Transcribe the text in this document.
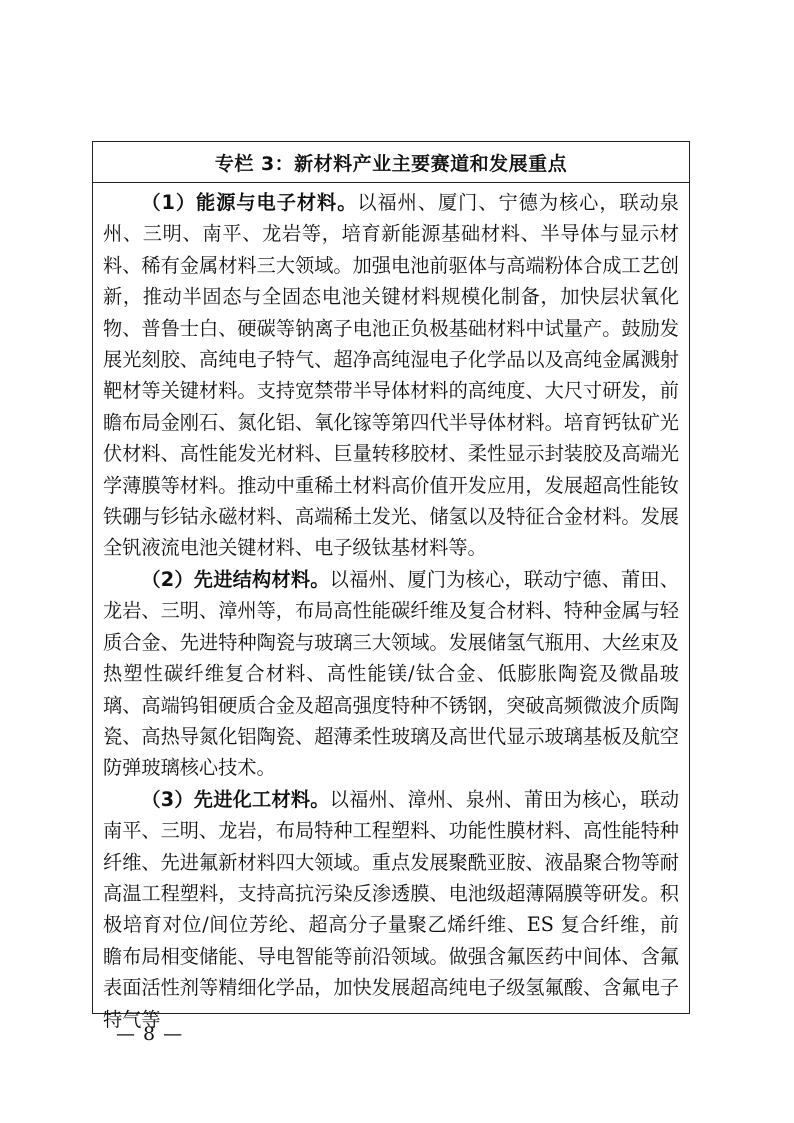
专栏 3：新材料产业主要赛道和发展重点

（1）能源与电子材料。以福州、厦门、宁德为核心，联动泉州、三明、南平、龙岩等，培育新能源基础材料、半导体与显示材料、稀有金属材料三大领域。加强电池前驱体与高端粉体合成工艺创新，推动半固态与全固态电池关键材料规模化制备，加快层状氧化物、普鲁士白、硬碳等钠离子电池正负极基础材料中试量产。鼓励发展光刻胶、高纯电子特气、超净高纯湿电子化学品以及高纯金属溅射靶材等关键材料。支持宽禁带半导体材料的高纯度、大尺寸研发，前瞻布局金刚石、氮化铝、氧化镓等第四代半导体材料。培育钙钛矿光伏材料、高性能发光材料、巨量转移胶材、柔性显示封装胶及高端光学薄膜等材料。推动中重稀土材料高价值开发应用，发展超高性能钕铁硼与钐钴永磁材料、高端稀土发光、储氢以及特征合金材料。发展全钒液流电池关键材料、电子级钛基材料等。

（2）先进结构材料。以福州、厦门为核心，联动宁德、莆田、龙岩、三明、漳州等，布局高性能碳纤维及复合材料、特种金属与轻质合金、先进特种陶瓷与玻璃三大领域。发展储氢气瓶用、大丝束及热塑性碳纤维复合材料、高性能镁/钛合金、低膨胀陶瓷及微晶玻璃、高端钨钼硬质合金及超高强度特种不锈钢，突破高频微波介质陶瓷、高热导氮化铝陶瓷、超薄柔性玻璃及高世代显示玻璃基板及航空防弹玻璃核心技术。

（3）先进化工材料。以福州、漳州、泉州、莆田为核心，联动南平、三明、龙岩，布局特种工程塑料、功能性膜材料、高性能特种纤维、先进氟新材料四大领域。重点发展聚酰亚胺、液晶聚合物等耐高温工程塑料，支持高抗污染反渗透膜、电池级超薄隔膜等研发。积极培育对位/间位芳纶、超高分子量聚乙烯纤维、ES 复合纤维，前瞻布局相变储能、导电智能等前沿领域。做强含氟医药中间体、含氟表面活性剂等精细化学品，加快发展超高纯电子级氢氟酸、含氟电子特气等

— 8 —
